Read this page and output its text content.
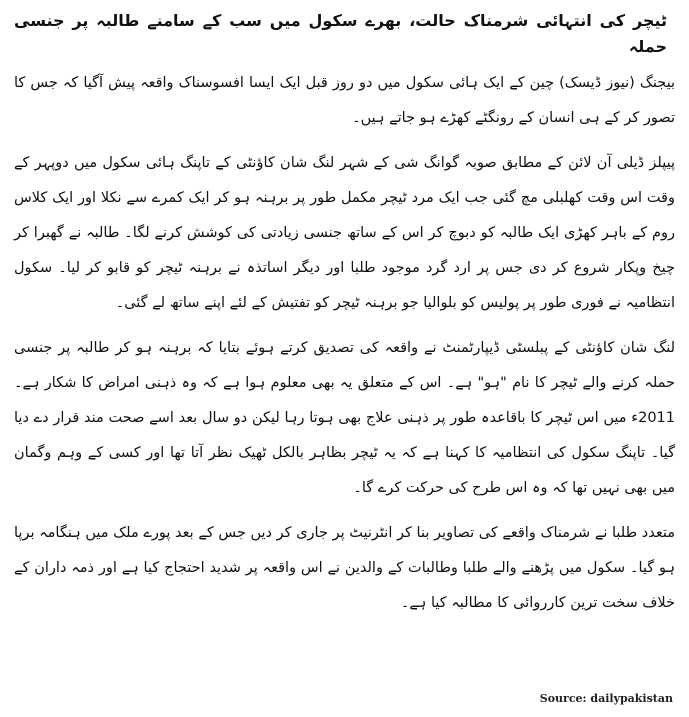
ٹیچر کی انتہائی شرمناک حالت، بھرے سکول میں سب کے سامنے طالبہ پر جنسی حملہ

بیجنگ (نیوز ڈیسک) چین کے ایک ہائی سکول میں دو روز قبل ایک ایسا افسوسناک واقعہ پیش آگیا کہ جس کا تصور کر کے ہی انسان کے رونگٹے کھڑے ہو جاتے ہیں۔

پیپلز ڈیلی آن لائن کے مطابق صوبہ گوانگ شی کے شہر لنگ شان کاؤنٹی کے تاپنگ ہائی سکول میں دوپہر کے وقت اس وقت کھلبلی مچ گئی جب ایک مرد ٹیچر مکمل طور پر برہنہ ہو کر ایک کمرے سے نکلا اور ایک کلاس روم کے باہر کھڑی ایک طالبہ کو دبوچ کر اس کے ساتھ جنسی زیادتی کی کوشش کرنے لگا۔ طالبہ نے گھبرا کر چیخ وپکار شروع کر دی جس پر ارد گرد موجود طلبا اور دیگر اساتذہ نے برہنہ ٹیچر کو قابو کر لیا۔ سکول انتظامیہ نے فوری طور پر پولیس کو بلوالیا جو برہنہ ٹیچر کو تفتیش کے لئے اپنے ساتھ لے گئی۔

لنگ شان کاؤنٹی کے پبلسٹی ڈیپارٹمنٹ نے واقعہ کی تصدیق کرتے ہوئے بتایا کہ برہنہ ہو کر طالبہ پر جنسی حملہ کرنے والے ٹیچر کا نام "ہو" ہے۔ اس کے متعلق یہ بھی معلوم ہوا ہے کہ وہ ذہنی امراض کا شکار ہے۔ 2011ء میں اس ٹیچر کا باقاعدہ طور پر ذہنی علاج بھی ہوتا رہا لیکن دو سال بعد اسے صحت مند قرار دے دیا گیا۔ تاپنگ سکول کی انتظامیہ کا کہنا ہے کہ یہ ٹیچر بظاہر بالکل ٹھیک نظر آتا تھا اور کسی کے وہم وگمان میں بھی نہیں تھا کہ وہ اس طرح کی حرکت کرے گا۔

متعدد طلبا نے شرمناک واقعے کی تصاویر بنا کر انٹرنیٹ پر جاری کر دیں جس کے بعد پورے ملک میں ہنگامہ برپا ہو گیا۔ سکول میں پڑھنے والے طلبا وطالبات کے والدین نے اس واقعہ پر شدید احتجاج کیا ہے اور ذمہ داران کے خلاف سخت ترین کارروائی کا مطالبہ کیا ہے۔

Source: dailypakistan
